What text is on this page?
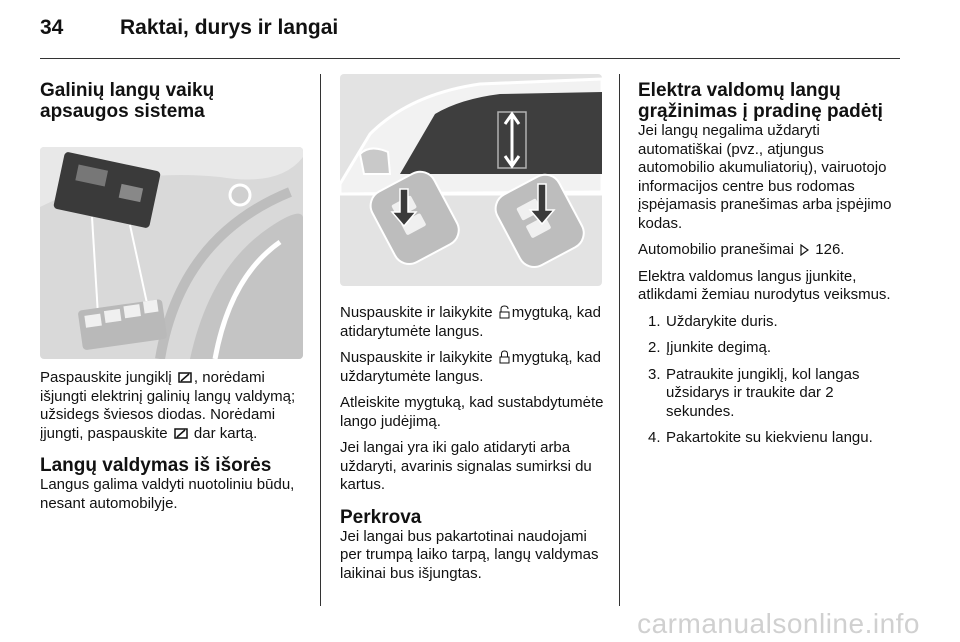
34	Raktai, durys ir langai
Galinių langų vaikų apsaugos sistema

Paspauskite jungiklį , norėdami išjungti elektrinį galinių langų valdymą; užsidegs šviesos diodas. Norėdami įjungti, paspauskite  dar kartą.

Langų valdymas iš išorės

Langus galima valdyti nuotoliniu būdu, nesant automobilyje.

Nuspauskite ir laikykite mygtuką, kad atidarytumėte langus.

Nuspauskite ir laikykite mygtuką, kad uždarytumėte langus.

Atleiskite mygtuką, kad sustabdytumėte lango judėjimą.

Jei langai yra iki galo atidaryti arba uždaryti, avarinis signalas sumirksi du kartus.

Perkrova

Jei langai bus pakartotinai naudojami per trumpą laiko tarpą, langų valdymas laikinai bus išjungtas.

Elektra valdomų langų grąžinimas į pradinę padėtį

Jei langų negalima uždaryti automatiškai (pvz., atjungus automobilio akumuliatorių), vairuotojo informacijos centre bus rodomas įspėjamasis pranešimas arba įspėjimo kodas.

Automobilio pranešimai  126.

Elektra valdomus langus įjunkite, atlikdami žemiau nurodytus veiksmus.

1. Uždarykite duris.
2. Įjunkite degimą.
3. Patraukite jungiklį, kol langas užsidarys ir traukite dar 2 sekundes.
4. Pakartokite su kiekvienu langu.
carmanualsonline.info
